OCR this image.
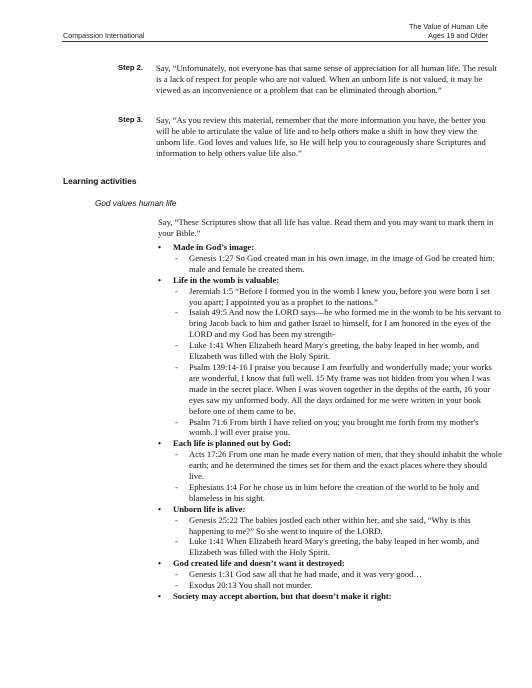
Compassion International
The Value of Human Life
Ages 19 and Older
Step 2.	Say, “Unfortunately, not everyone has that same sense of appreciation for all human life. The result is a lack of respect for people who are not valued. When an unborn life is not valued, it may be viewed as an inconvenience or a problem that can be eliminated through abortion.”
Step 3.	Say, “As you review this material, remember that the more information you have, the better you will be able to articulate the value of life and to help others make a shift in how they view the unborn life. God loves and values life, so He will help you to courageously share Scriptures and information to help others value life also.”
Learning activities
God values human life
Say, “These Scriptures show that all life has value. Read them and you may want to mark them in your Bible.”
• Made in God’s image:
- Genesis 1:27 So God created man in his own image, in the image of God he created him: male and female he created them.
• Life in the womb is valuable:
- Jeremiah 1:5 “Before I formed you in the womb I knew you, before you were born I set you apart; I appointed you as a prophet to the nations.”
- Isaiah 49:5 And now the LORD says—he who formed me in the womb to be his servant to bring Jacob back to him and gather Israel to himself, for I am honored in the eyes of the LORD and my God has been my strength-
- Luke 1:41 When Elizabeth heard Mary's greeting, the baby leaped in her womb, and Elizabeth was filled with the Holy Spirit.
- Psalm 139:14-16 I praise you because I am fearfully and wonderfully made; your works are wonderful, I know that full well. 15 My frame was not hidden from you when I was made in the secret place. When I was woven together in the depths of the earth, 16 your eyes saw my unformed body. All the days ordained for me were written in your book before one of them came to be.
- Psalm 71:6 From birth I have relied on you; you brought me forth from my mother's womb. I will ever praise you.
• Each life is planned out by God:
- Acts 17:26 From one man he made every nation of men, that they should inhabit the whole earth; and he determined the times set for them and the exact places where they should live.
- Ephesians 1:4 For he chose us in him before the creation of the world to be holy and blameless in his sight.
• Unborn life is alive:
- Genesis 25:22 The babies jostled each other within her, and she said, “Why is this happening to me?” So she went to inquire of the LORD.
- Luke 1:41 When Elizabeth heard Mary's greeting, the baby leaped in her womb, and Elizabeth was filled with the Holy Spirit.
• God created life and doesn’t want it destroyed:
- Genesis 1:31 God saw all that he had made, and it was very good…
- Exodus 20:13 You shall not murder.
• Society may accept abortion, but that doesn’t make it right:
